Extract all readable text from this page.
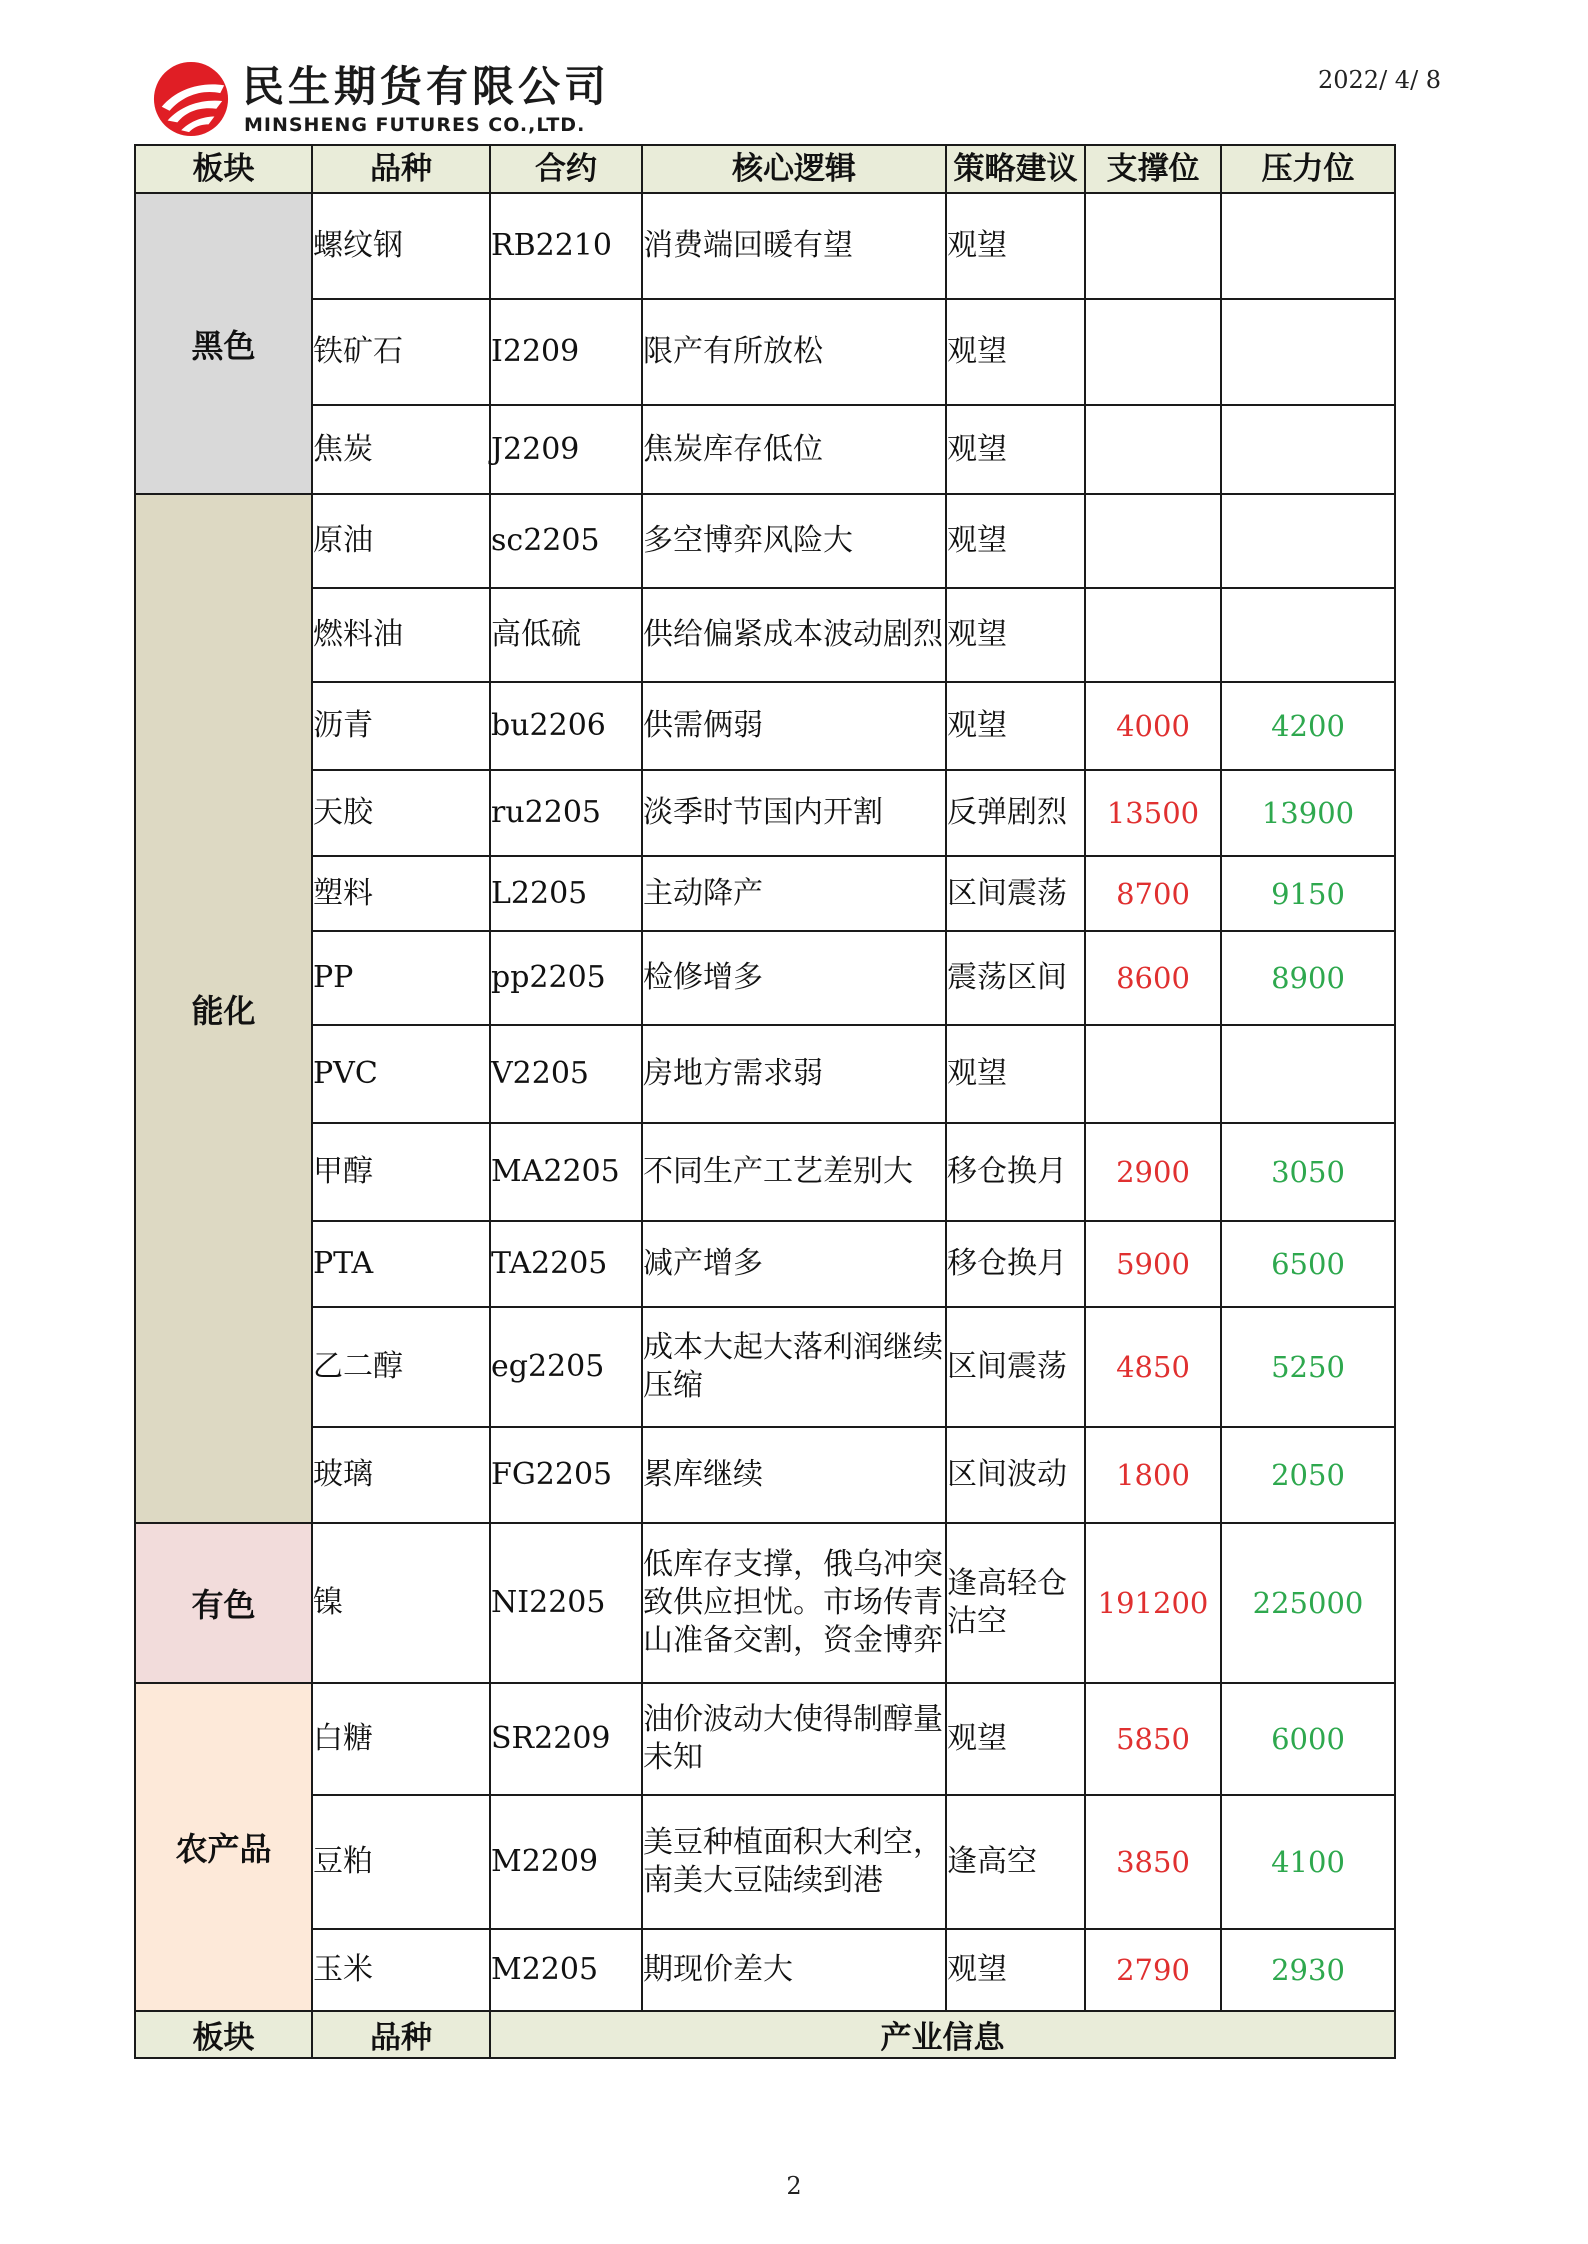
民生期货有限公司
MINSHENG FUTURES CO.,LTD.
2022/ 4/ 8
板块	品种	合约	核心逻辑	策略建议	支撑位	压力位
黑色	螺纹钢	RB2210	消费端回暖有望	观望		
	铁矿石	I2209	限产有所放松	观望		
	焦炭	J2209	焦炭库存低位	观望		
能化	原油	sc2205	多空博弈风险大	观望		
	燃料油	高低硫	供给偏紧成本波动剧烈	观望		
	沥青	bu2206	供需俩弱	观望	4000	4200
	天胶	ru2205	淡季时节国内开割	反弹剧烈	13500	13900
	塑料	L2205	主动降产	区间震荡	8700	9150
	PP	pp2205	检修增多	震荡区间	8600	8900
	PVC	V2205	房地方需求弱	观望		
	甲醇	MA2205	不同生产工艺差别大	移仓换月	2900	3050
	PTA	TA2205	减产增多	移仓换月	5900	6500
	乙二醇	eg2205	成本大起大落利润继续压缩	区间震荡	4850	5250
	玻璃	FG2205	累库继续	区间波动	1800	2050
有色	镍	NI2205	低库存支撑，俄乌冲突致供应担忧。市场传青山准备交割，资金博弈	逢高轻仓沽空	191200	225000
农产品	白糖	SR2209	油价波动大使得制醇量未知	观望	5850	6000
	豆粕	M2209	美豆种植面积大利空，南美大豆陆续到港	逢高空	3850	4100
	玉米	M2205	期现价差大	观望	2790	2930
板块	品种	产业信息				
2
